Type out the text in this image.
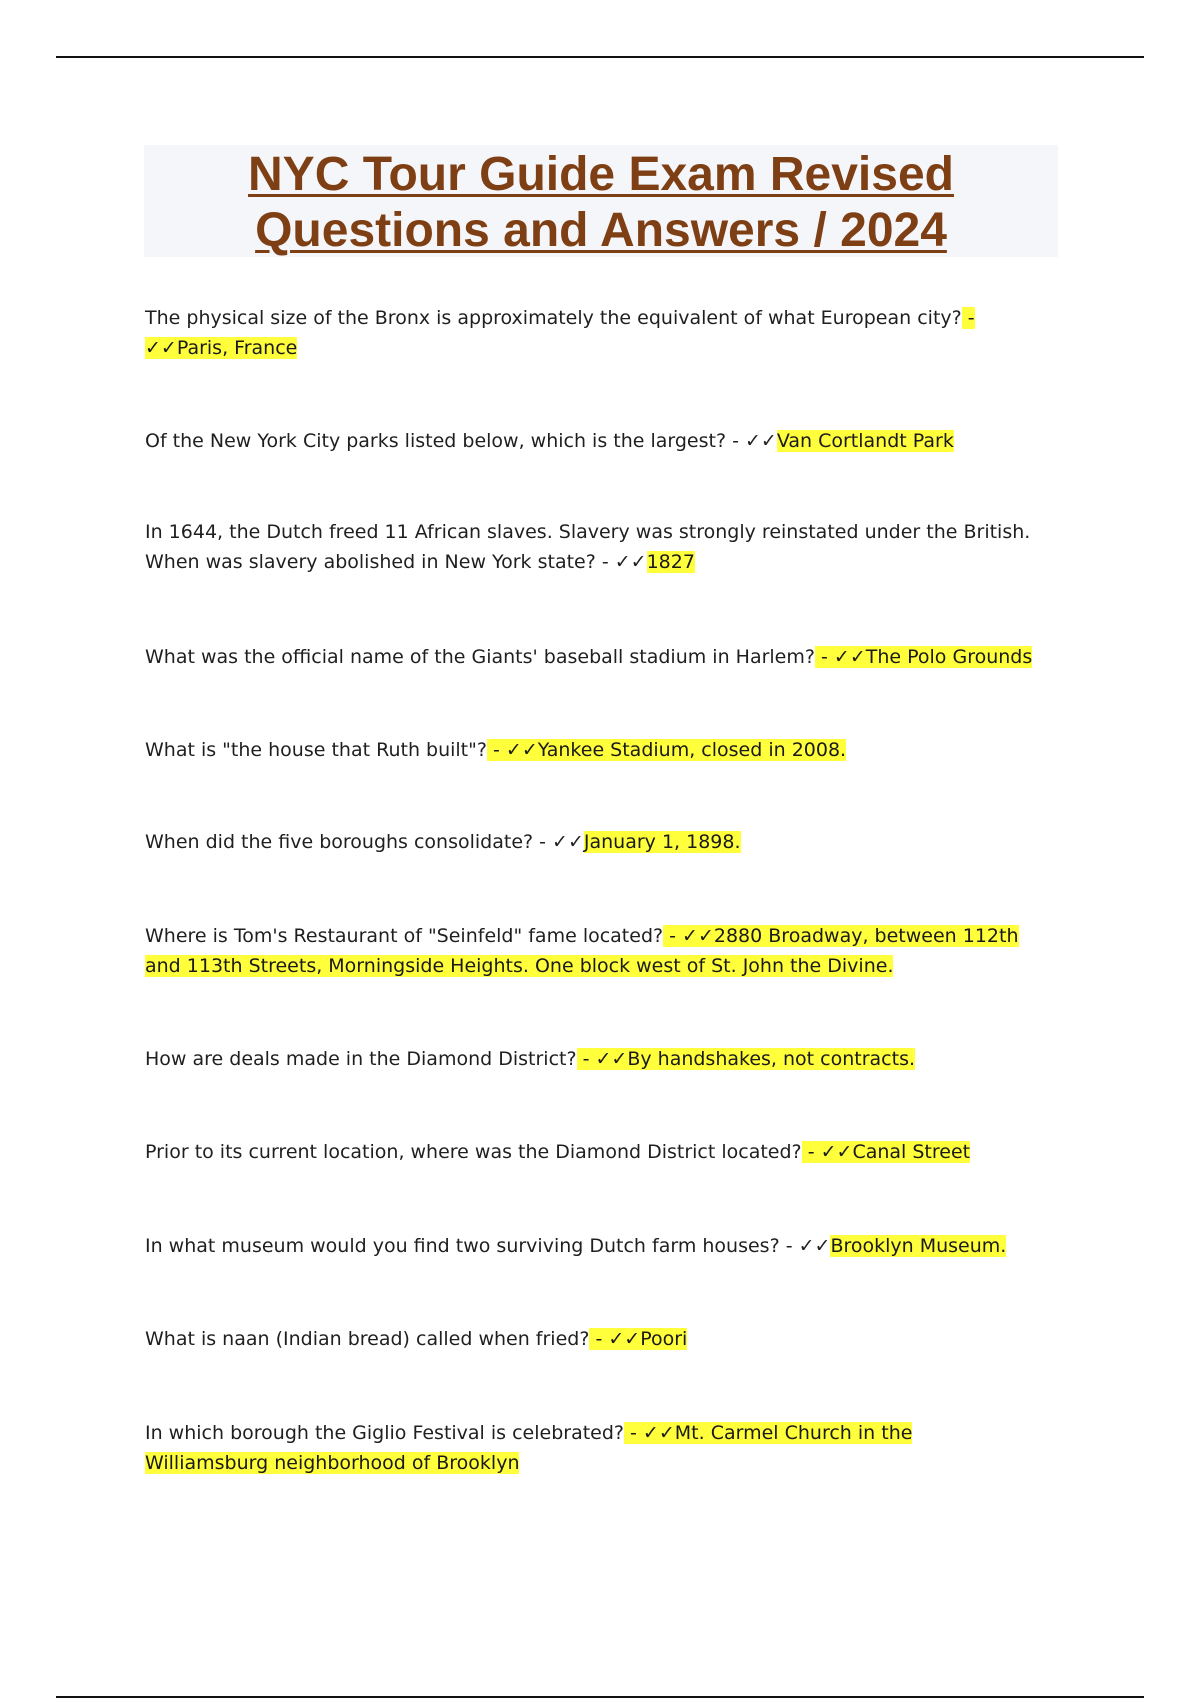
NYC Tour Guide Exam Revised
Questions and Answers / 2024

The physical size of the Bronx is approximately the equivalent of what European city? - ✓✓Paris, France

Of the New York City parks listed below, which is the largest? - ✓✓Van Cortlandt Park

In 1644, the Dutch freed 11 African slaves. Slavery was strongly reinstated under the British. When was slavery abolished in New York state? - ✓✓1827

What was the official name of the Giants' baseball stadium in Harlem? - ✓✓The Polo Grounds

What is "the house that Ruth built"? - ✓✓Yankee Stadium, closed in 2008.

When did the five boroughs consolidate? - ✓✓January 1, 1898.

Where is Tom's Restaurant of "Seinfeld" fame located? - ✓✓2880 Broadway, between 112th and 113th Streets, Morningside Heights. One block west of St. John the Divine.

How are deals made in the Diamond District? - ✓✓By handshakes, not contracts.

Prior to its current location, where was the Diamond District located? - ✓✓Canal Street

In what museum would you find two surviving Dutch farm houses? - ✓✓Brooklyn Museum.

What is naan (Indian bread) called when fried? - ✓✓Poori

In which borough the Giglio Festival is celebrated? - ✓✓Mt. Carmel Church in the Williamsburg neighborhood of Brooklyn
